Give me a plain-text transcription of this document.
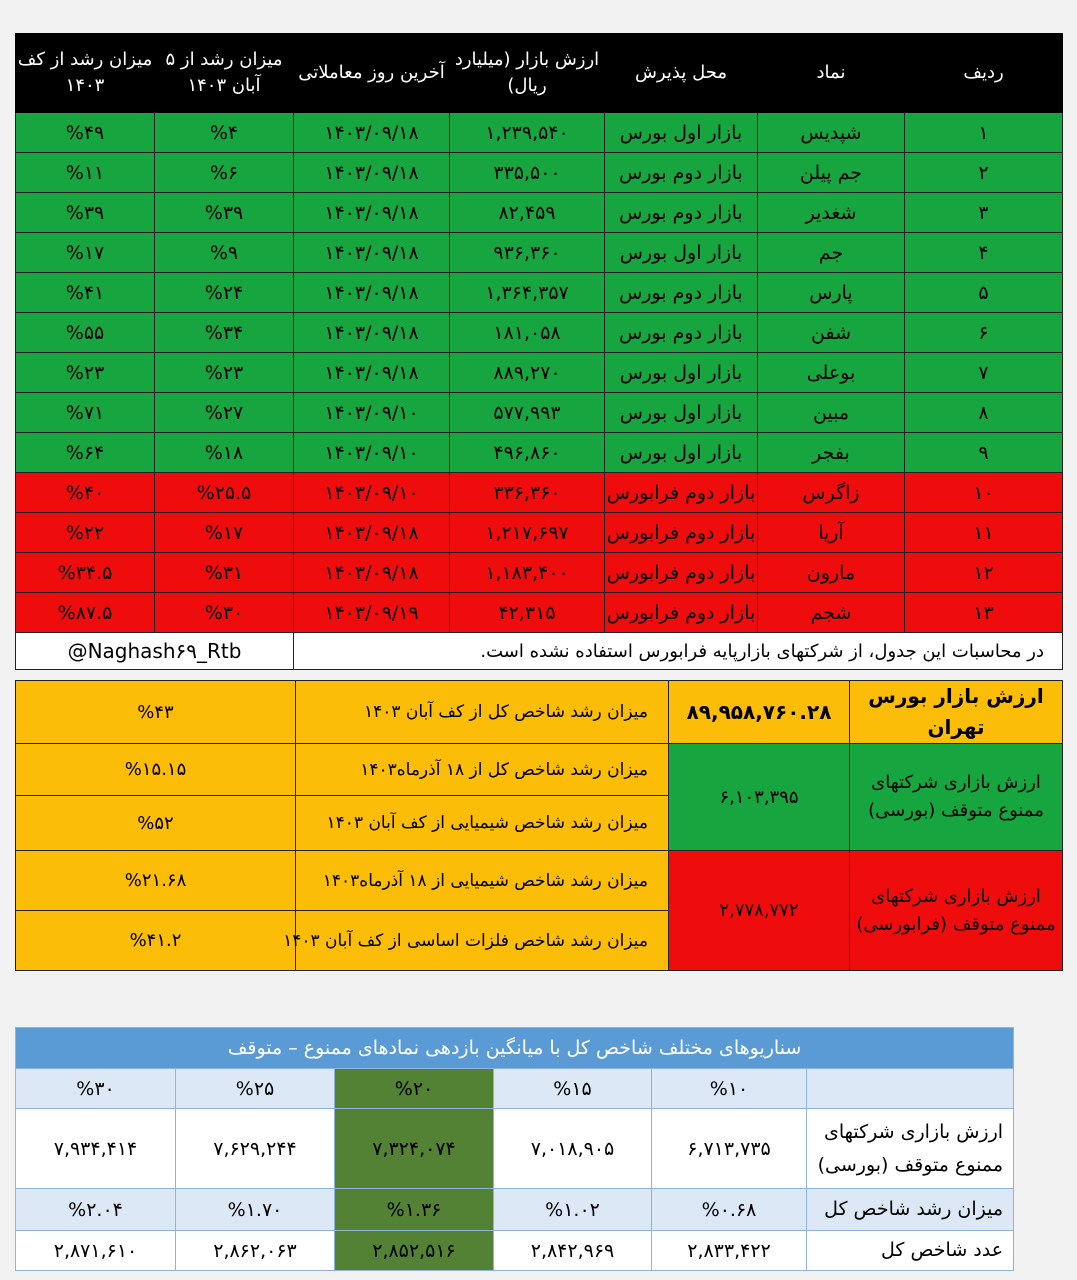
میزان رشد از کف ۱۴۰۳	میزان رشد از ۵ آبان ۱۴۰۳	آخرین روز معاملاتی	ارزش بازار (میلیارد ریال)	محل پذیرش	نماد	ردیف
%۴۹	%۴	۱۴۰۳/۰۹/۱۸	۱,۲۳۹,۵۴۰	بازار اول بورس	شپدیس	۱
%۱۱	%۶	۱۴۰۳/۰۹/۱۸	۳۳۵,۵۰۰	بازار دوم بورس	جم پیلن	۲
%۳۹	%۳۹	۱۴۰۳/۰۹/۱۸	۸۲,۴۵۹	بازار دوم بورس	شغدیر	۳
%۱۷	%۹	۱۴۰۳/۰۹/۱۸	۹۳۶,۳۶۰	بازار اول بورس	جم	۴
%۴۱	%۲۴	۱۴۰۳/۰۹/۱۸	۱,۳۶۴,۳۵۷	بازار دوم بورس	پارس	۵
%۵۵	%۳۴	۱۴۰۳/۰۹/۱۸	۱۸۱,۰۵۸	بازار دوم بورس	شفن	۶
%۲۳	%۲۳	۱۴۰۳/۰۹/۱۸	۸۸۹,۲۷۰	بازار اول بورس	بوعلی	۷
%۷۱	%۲۷	۱۴۰۳/۰۹/۱۰	۵۷۷,۹۹۳	بازار اول بورس	مبین	۸
%۶۴	%۱۸	۱۴۰۳/۰۹/۱۰	۴۹۶,۸۶۰	بازار اول بورس	بفجر	۹
%۴۰	%۲۵.۵	۱۴۰۳/۰۹/۱۰	۳۳۶,۳۶۰	بازار دوم فرابورس	زاگرس	۱۰
%۲۲	%۱۷	۱۴۰۳/۰۹/۱۸	۱,۲۱۷,۶۹۷	بازار دوم فرابورس	آریا	۱۱
%۳۴.۵	%۳۱	۱۴۰۳/۰۹/۱۸	۱,۱۸۳,۴۰۰	بازار دوم فرابورس	مارون	۱۲
%۸۷.۵	%۳۰	۱۴۰۳/۰۹/۱۹	۴۲,۳۱۵	بازار دوم فرابورس	شجم	۱۳
@Naghash۶۹_Rtb		در محاسبات این جدول، از شرکتهای بازارپایه فرابورس استفاده نشده است.				
%۴۳	میزان رشد شاخص کل از کف آبان ۱۴۰۳	۸۹,۹۵۸,۷۶۰.۲۸	ارزش بازار بورس تهران
%۱۵.۱۵	میزان رشد شاخص کل از ۱۸ آذرماه۱۴۰۳	۶,۱۰۳,۳۹۵	ارزش بازاری شرکتهای ممنوع متوقف (بورسی)
%۵۲	میزان رشد شاخص شیمیایی از کف آبان ۱۴۰۳		
%۲۱.۶۸	میزان رشد شاخص شیمیایی از ۱۸ آذرماه۱۴۰۳	۲,۷۷۸,۷۷۲	ارزش بازاری شرکتهای ممنوع متوقف (فرابورسی)
%۴۱.۲	میزان رشد شاخص فلزات اساسی از کف آبان ۱۴۰۳		
سناریوهای مختلف شاخص کل با میانگین بازدهی نمادهای ممنوع – متوقف					
%۳۰	%۲۵	%۲۰	%۱۵	%۱۰	
۷,۹۳۴,۴۱۴	۷,۶۲۹,۲۴۴	۷,۳۲۴,۰۷۴	۷,۰۱۸,۹۰۵	۶,۷۱۳,۷۳۵	ارزش بازاری شرکتهای ممنوع متوقف (بورسی)
%۲.۰۴	%۱.۷۰	%۱.۳۶	%۱.۰۲	%۰.۶۸	میزان رشد شاخص کل
۲,۸۷۱,۶۱۰	۲,۸۶۲,۰۶۳	۲,۸۵۲,۵۱۶	۲,۸۴۲,۹۶۹	۲,۸۳۳,۴۲۲	عدد شاخص کل
